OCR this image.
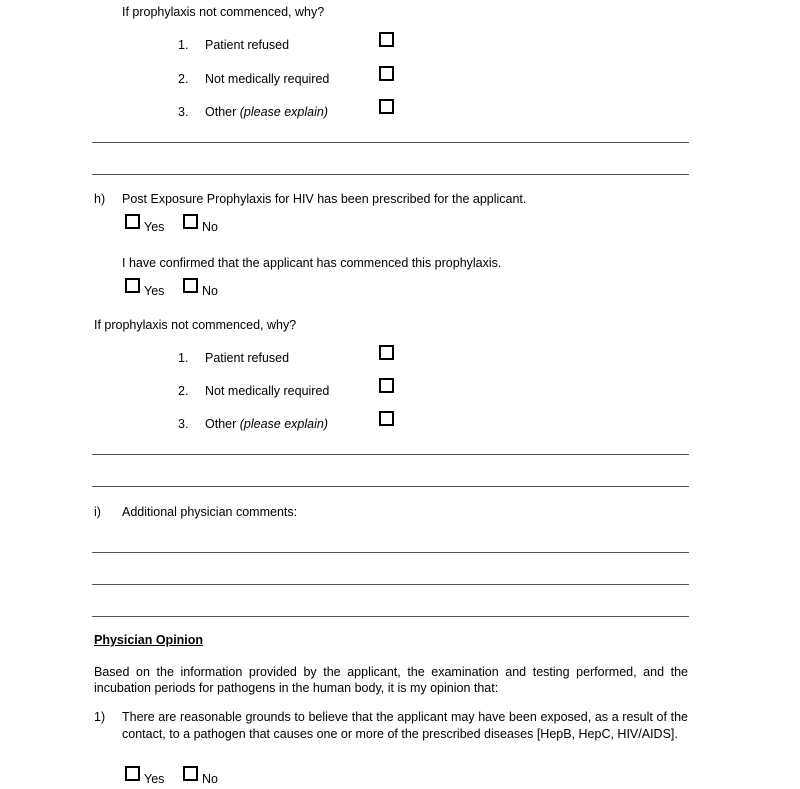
If prophylaxis not commenced, why?
1. Patient refused
2. Not medically required
3. Other (please explain)
h) Post Exposure Prophylaxis for HIV has been prescribed for the applicant.
Yes	No
I have confirmed that the applicant has commenced this prophylaxis.
Yes	No
If prophylaxis not commenced, why?
1. Patient refused
2. Not medically required
3. Other (please explain)
i) Additional physician comments:
Physician Opinion
Based on the information provided by the applicant, the examination and testing performed, and the incubation periods for pathogens in the human body, it is my opinion that:
1) There are reasonable grounds to believe that the applicant may have been exposed, as a result of the contact, to a pathogen that causes one or more of the prescribed diseases [HepB, HepC, HIV/AIDS].
Yes	No
